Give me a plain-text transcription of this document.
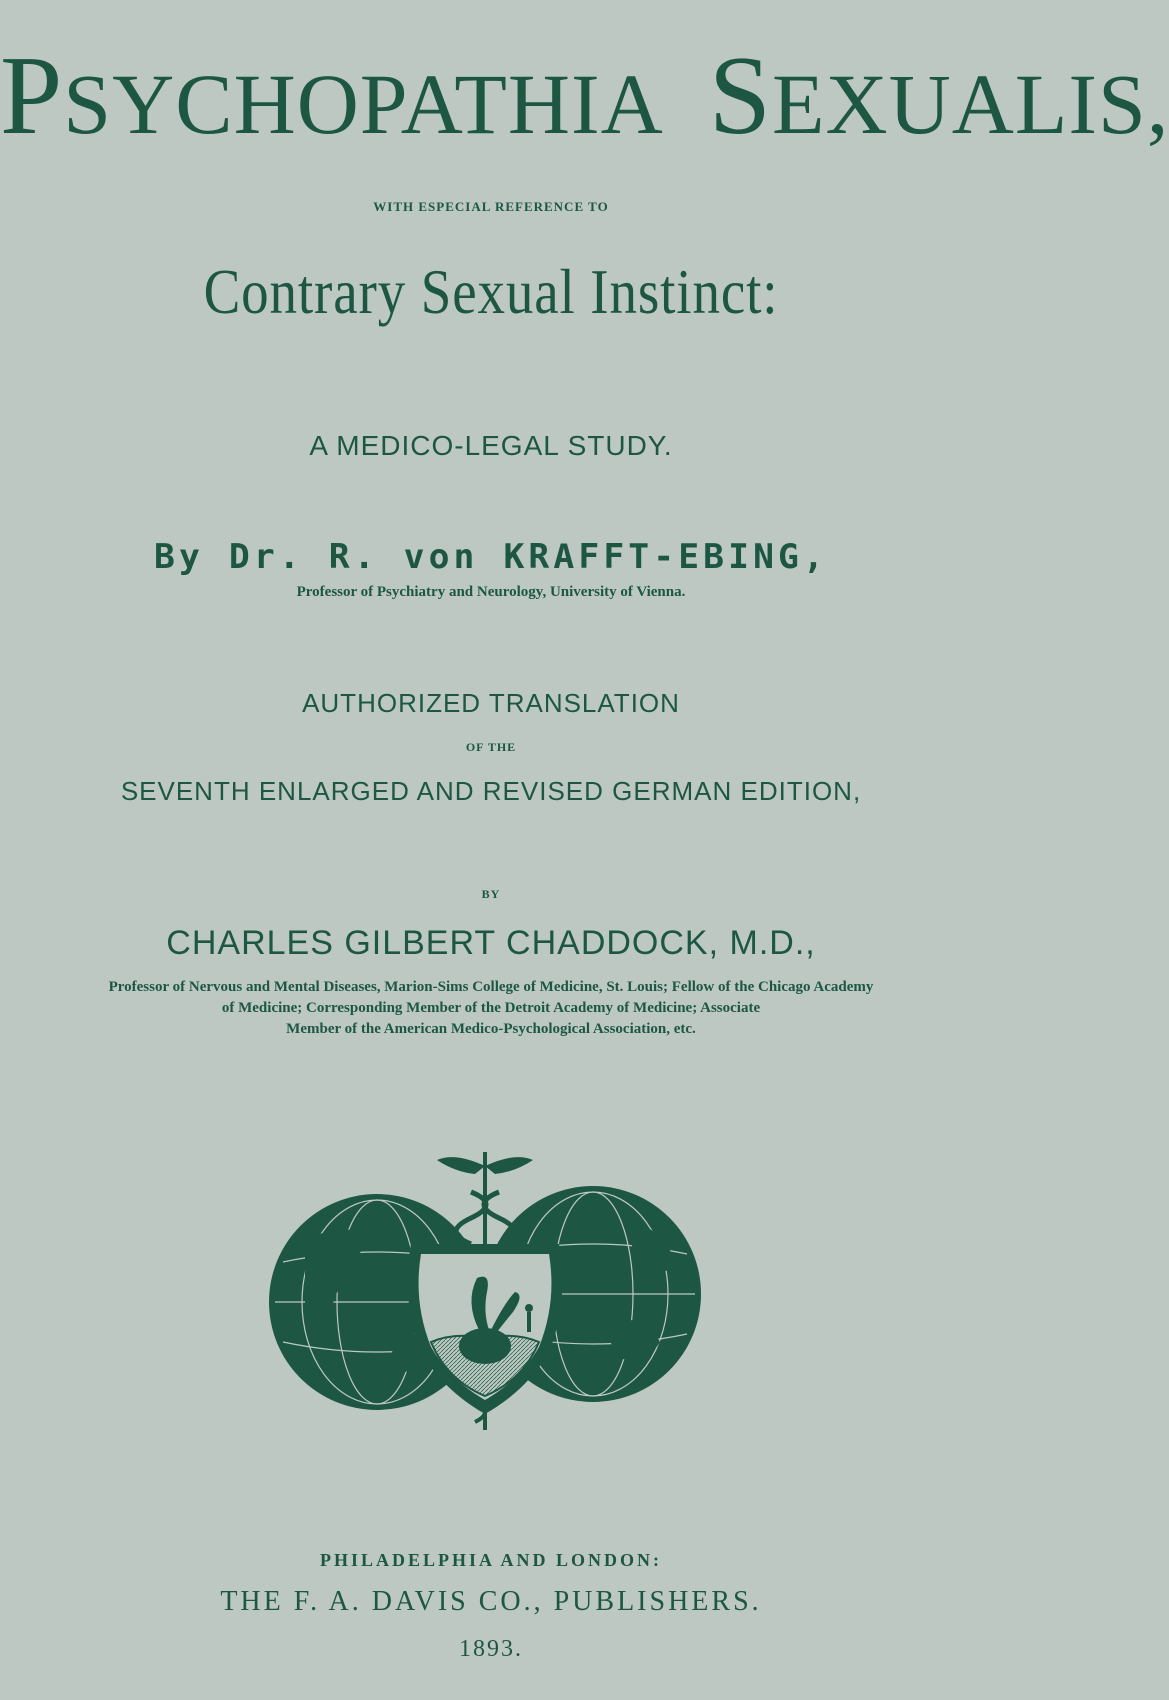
PSYCHOPATHIA SEXUALIS,
WITH ESPECIAL REFERENCE TO
Contrary Sexual Instinct:
A MEDICO-LEGAL STUDY.
By Dr. R. von KRAFFT-EBING,
Professor of Psychiatry and Neurology, University of Vienna.
AUTHORIZED TRANSLATION
OF THE
SEVENTH ENLARGED AND REVISED GERMAN EDITION,
BY
CHARLES GILBERT CHADDOCK, M.D.,
Professor of Nervous and Mental Diseases, Marion-Sims College of Medicine, St. Louis; Fellow of the Chicago Academy
of Medicine; Corresponding Member of the Detroit Academy of Medicine; Associate
Member of the American Medico-Psychological Association, etc.
PHILADELPHIA AND LONDON:
THE F. A. DAVIS CO., PUBLISHERS.
1893.
